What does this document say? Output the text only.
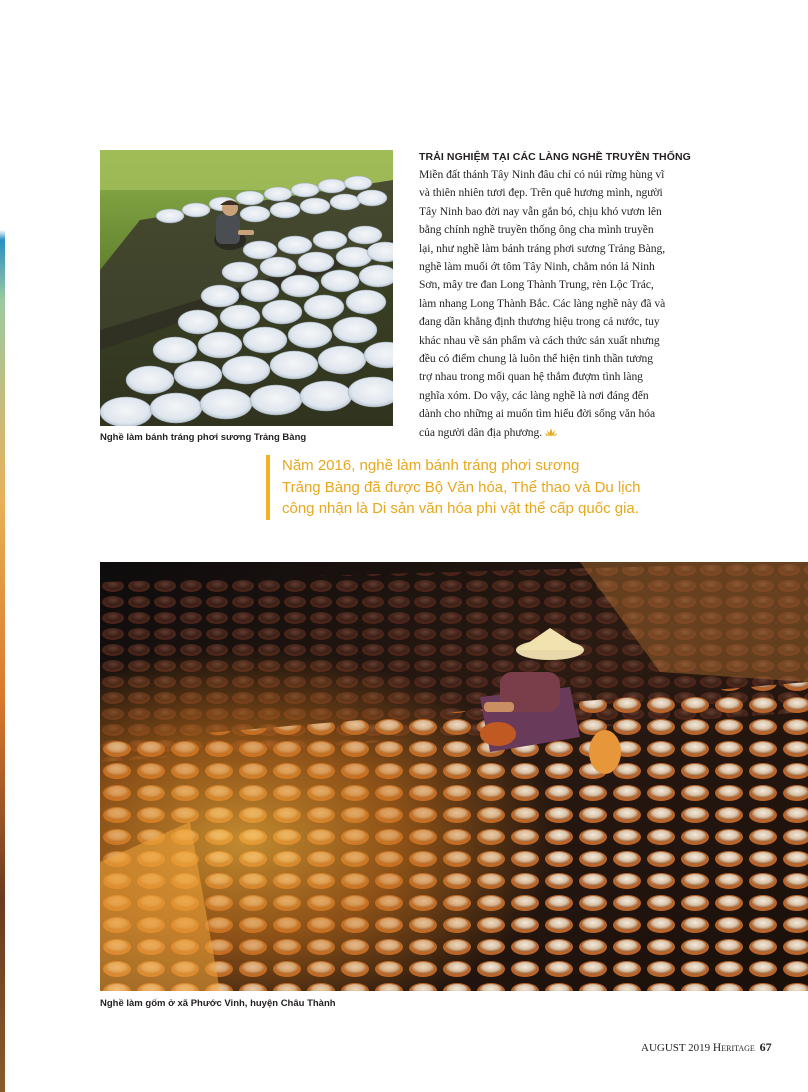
Nghề làm bánh tráng phơi sương Trảng Bàng
TRẢI NGHIỆM TẠI CÁC LÀNG NGHỀ TRUYỀN THỐNG
Miền đất thánh Tây Ninh đâu chỉ có núi rừng hùng vĩ
và thiên nhiên tươi đẹp. Trên quê hương mình, người
Tây Ninh bao đời nay vẫn gắn bó, chịu khó vươn lên
bằng chính nghề truyền thống ông cha mình truyền
lại, như nghề làm bánh tráng phơi sương Trảng Bàng,
nghề làm muối ớt tôm Tây Ninh, chằm nón lá Ninh
Sơn, mây tre đan Long Thành Trung, rèn Lộc Trác,
làm nhang Long Thành Bắc. Các làng nghề này đã và
đang dần khẳng định thương hiệu trong cả nước, tuy
khác nhau về sản phẩm và cách thức sản xuất nhưng
đều có điểm chung là luôn thể hiện tinh thần tương
trợ nhau trong mối quan hệ thắm đượm tình làng
nghĩa xóm. Do vậy, các làng nghề là nơi đáng đến
dành cho những ai muốn tìm hiểu đời sống văn hóa
của người dân địa phương.
Năm 2016, nghề làm bánh tráng phơi sương
Trảng Bàng đã được Bộ Văn hóa, Thể thao và Du lịch
công nhận là Di sản văn hóa phi vật thể cấp quốc gia.
Nghề làm gốm ở xã Phước Vinh, huyện Châu Thành
AUGUST 2019 Heritage 67
